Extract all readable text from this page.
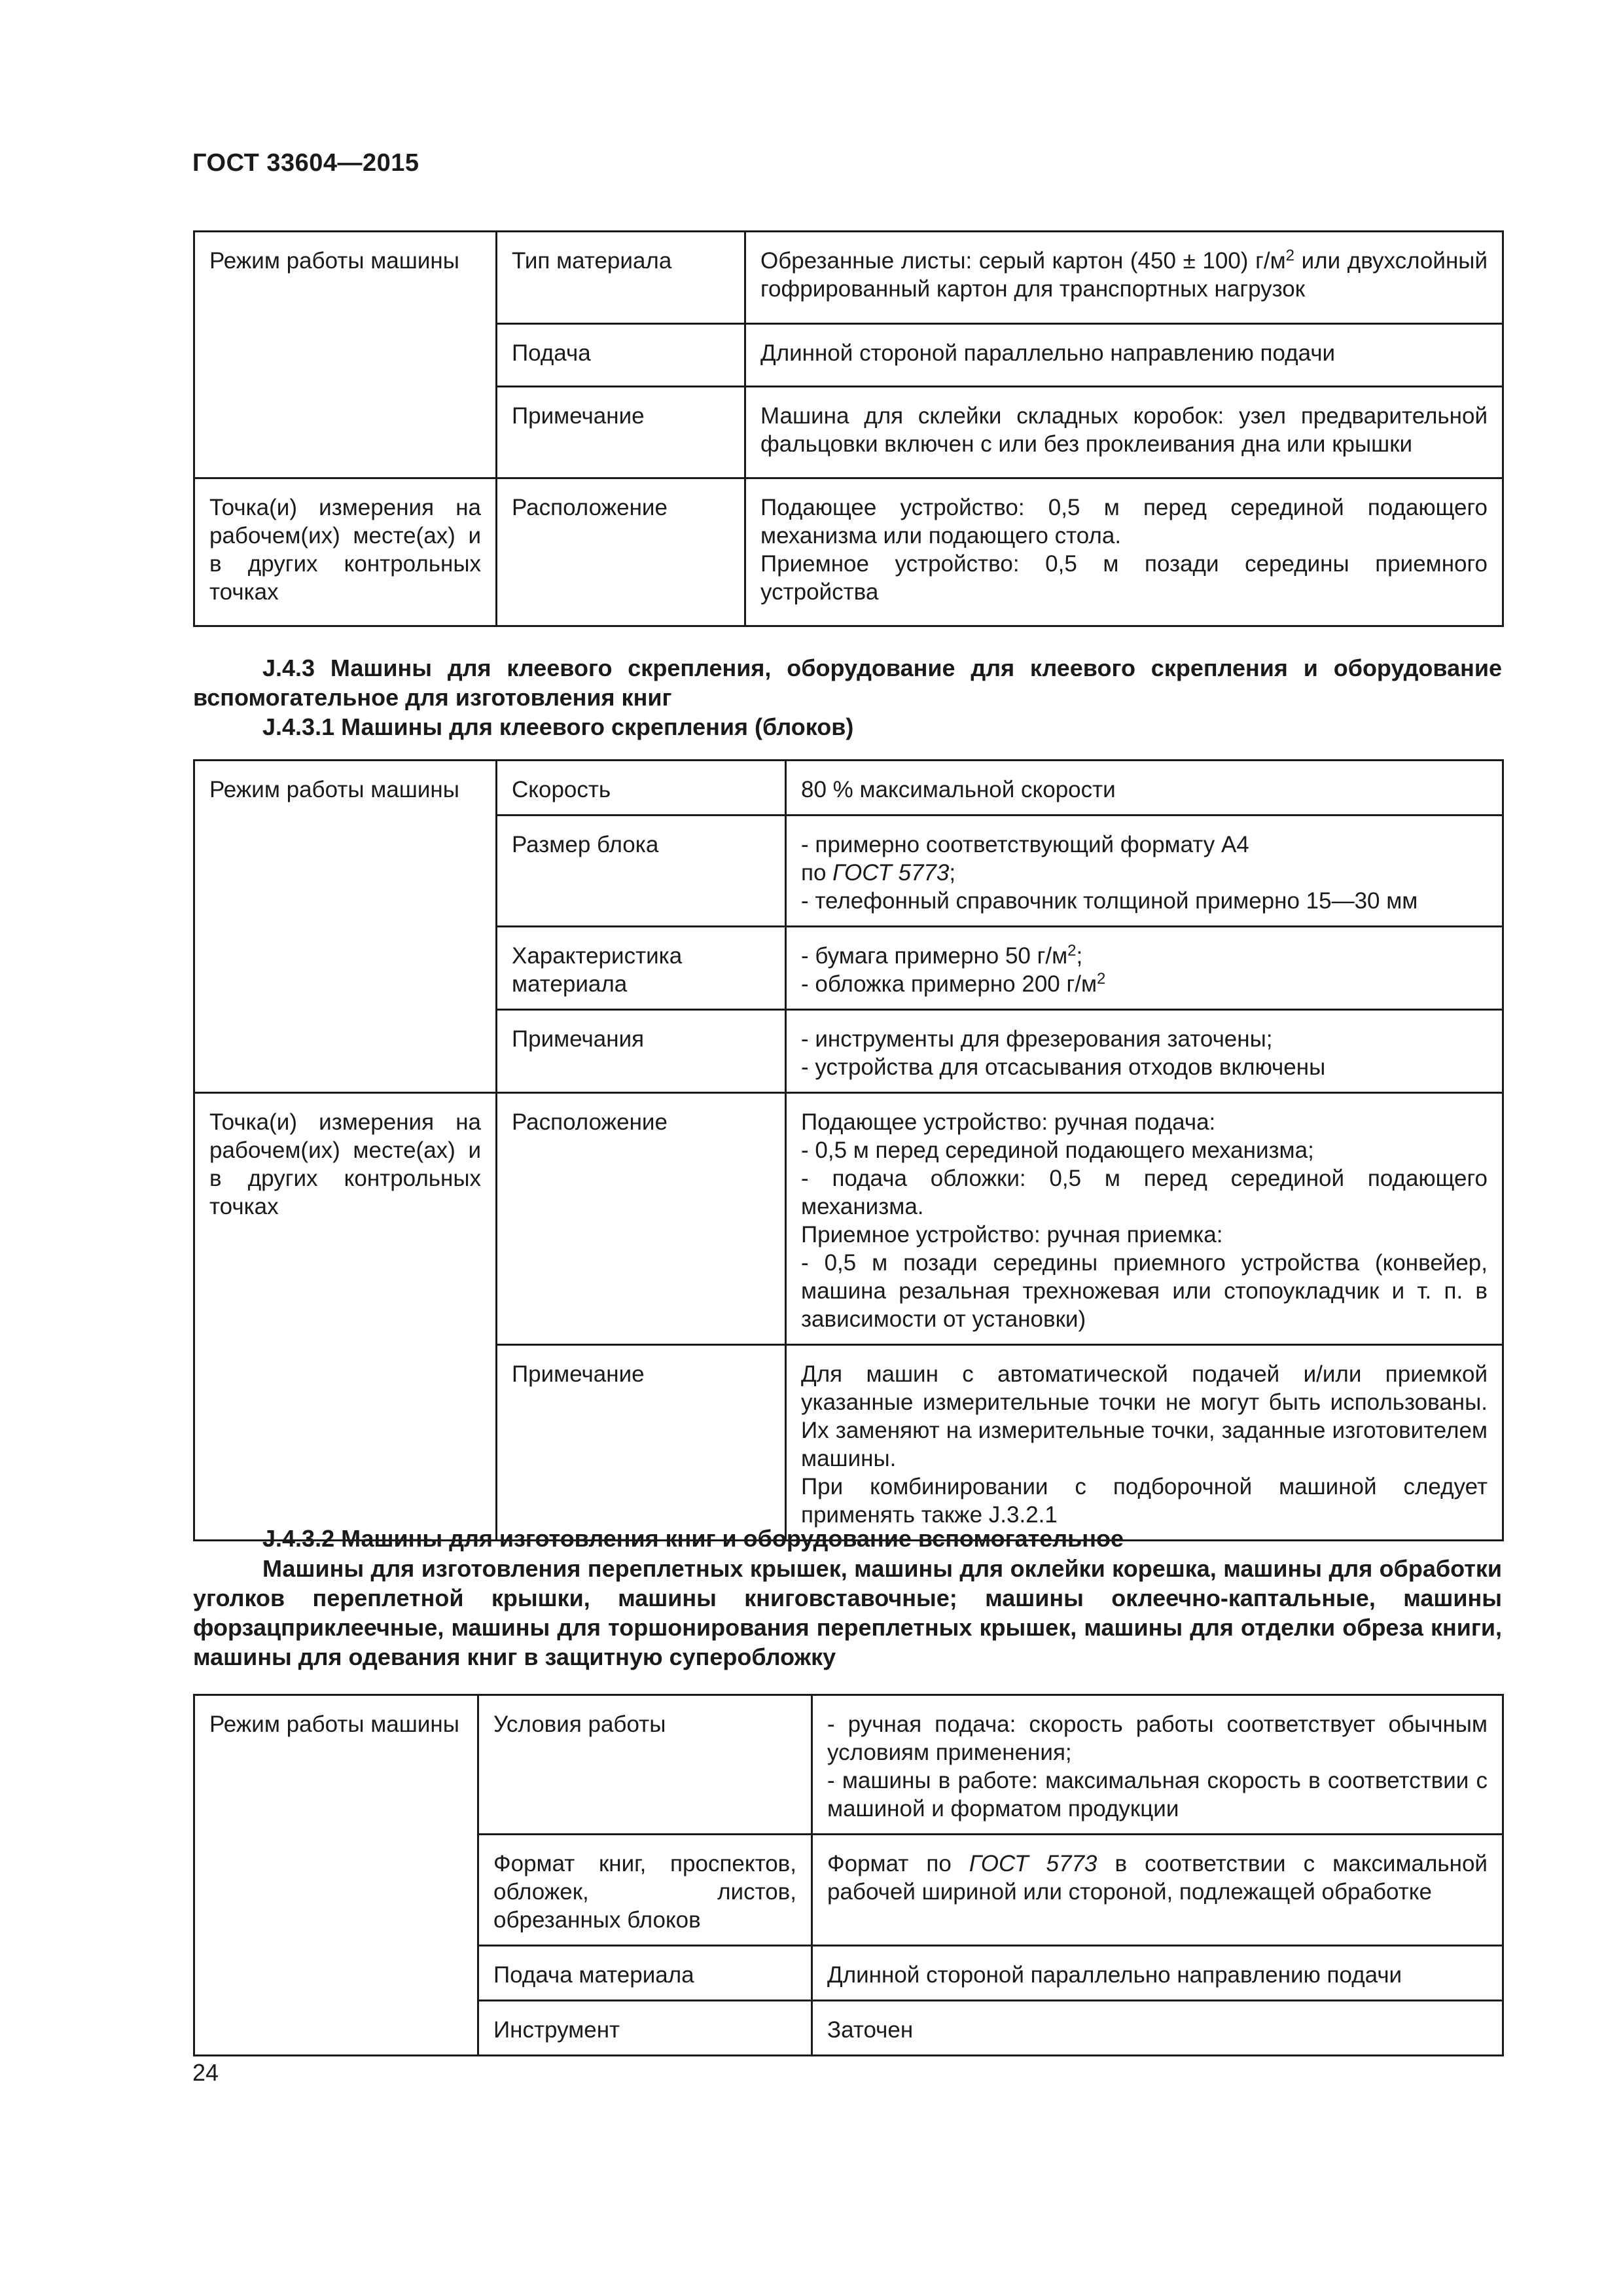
ГОСТ 33604—2015
Режим работы машины	Тип материала	Обрезанные листы: серый картон (450 ± 100) $г/м^2$ или двухслойный гофрированный картон для транспортных нагрузок
	Подача	Длинной стороной параллельно направлению подачи
	Примечание	Машина для склейки складных коробок: узел предварительной фальцовки включен с или без проклеивания дна или крышки
Точка(и) измерения на рабочем(их) месте(ах) и в других контрольных точках	Расположение	Подающее устройство: 0,5 м перед серединой подающего механизма или подающего стола.
Приемное устройство: 0,5 м позади середины приемного устройства
J.4.3 Машины для клеевого скрепления, оборудование для клеевого скрепления и оборудование вспомогательное для изготовления книг
J.4.3.1 Машины для клеевого скрепления (блоков)
Режим работы машины	Скорость	80 % максимальной скорости
	Размер блока	- примерно соответствующий формату А4
по ГОСТ 5773;
- телефонный справочник толщиной примерно 15—30 мм

	Характеристика материала	- бумага примерно 50 $г/м^2$;
- обложка примерно 200 $г/м^2$

	Примечания	- инструменты для фрезерования заточены;
- устройства для отсасывания отходов включены

Точка(и) измерения на рабочем(их) месте(ах) и в других контрольных точках	Расположение	Подающее устройство: ручная подача:
- 0,5 м перед серединой подающего механизма;
- подача обложки: 0,5 м перед серединой подающего механизма.
Приемное устройство: ручная приемка:
- 0,5 м позади середины приемного устройства (конвейер, машина резальная трехножевая или стопоукладчик и т. п. в зависимости от установки)

	Примечание	Для машин с автоматической подачей и/или приемкой указанные измерительные точки не могут быть использованы. Их заменяют на измерительные точки, заданные изготовителем машины.
При комбинировании с подборочной машиной следует применять также J.3.2.1
J.4.3.2 Машины для изготовления книг и оборудование вспомогательное
Машины для изготовления переплетных крышек, машины для оклейки корешка, машины для обработки уголков переплетной крышки, машины книговставочные; машины оклеечно-каптальные, машины форзацприклеечные, машины для торшонирования переплетных крышек, машины для отделки обреза книги, машины для одевания книг в защитную суперобложку
Режим работы машины	Условия работы	- ручная подача: скорость работы соответствует обычным условиям применения;
- машины в работе: максимальная скорость в соответствии с машиной и форматом продукции

	Формат книг, проспектов, обложек, листов, обрезанных блоков	Формат по ГОСТ 5773 в соответствии с максимальной рабочей шириной или стороной, подлежащей обработке
	Подача материала	Длинной стороной параллельно направлению подачи
	Инструмент	Заточен
24
